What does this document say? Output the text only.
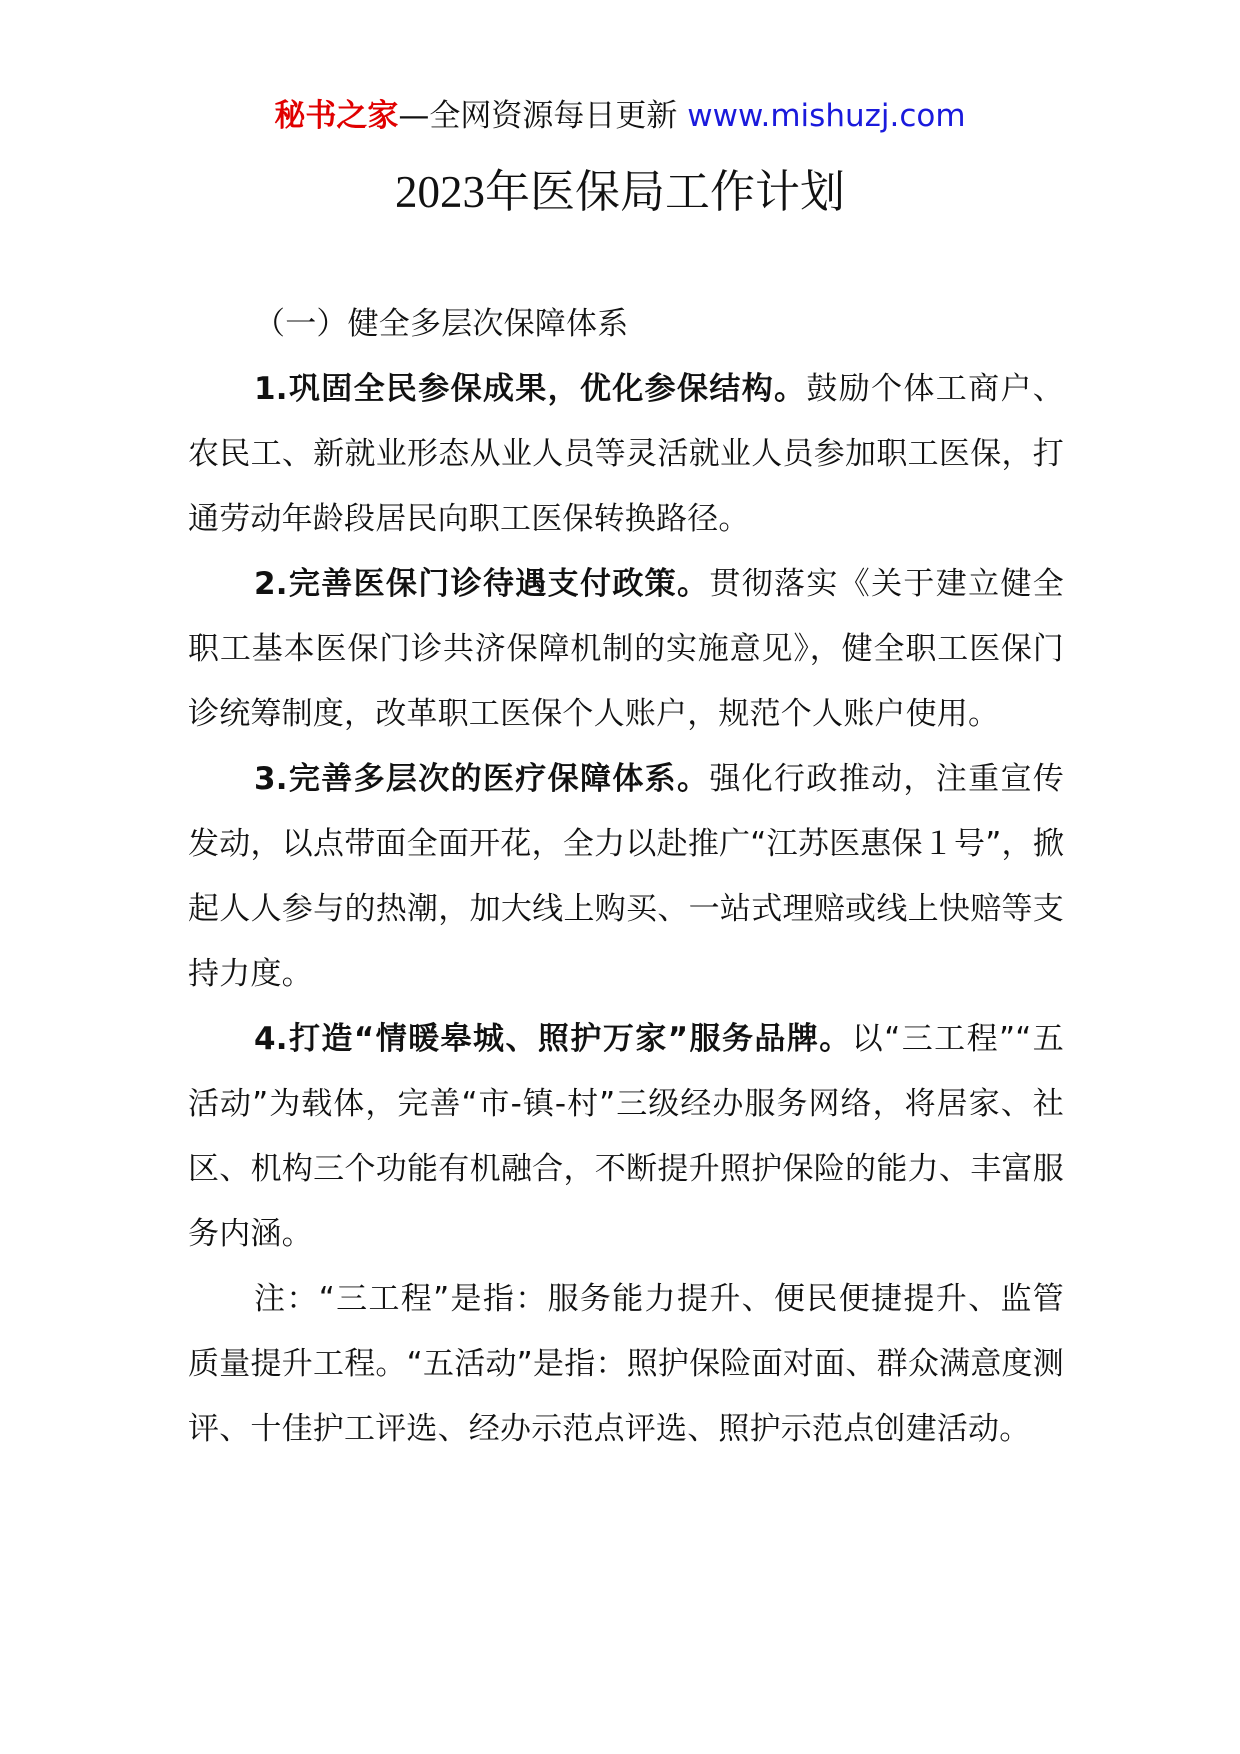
秘书之家—全网资源每日更新 www.mishuzj.com
2023年医保局工作计划

（一）健全多层次保障体系

1.巩固全民参保成果，优化参保结构。鼓励个体工商户、农民工、新就业形态从业人员等灵活就业人员参加职工医保，打通劳动年龄段居民向职工医保转换路径。

2.完善医保门诊待遇支付政策。贯彻落实《关于建立健全职工基本医保门诊共济保障机制的实施意见》，健全职工医保门诊统筹制度，改革职工医保个人账户，规范个人账户使用。

3.完善多层次的医疗保障体系。强化行政推动，注重宣传发动，以点带面全面开花，全力以赴推广“江苏医惠保１号”，掀起人人参与的热潮，加大线上购买、一站式理赔或线上快赔等支持力度。

4.打造“情暖皋城、照护万家”服务品牌。以“三工程”“五活动”为载体，完善“市-镇-村”三级经办服务网络，将居家、社区、机构三个功能有机融合，不断提升照护保险的能力、丰富服务内涵。

注：“三工程”是指：服务能力提升、便民便捷提升、监管质量提升工程。“五活动”是指：照护保险面对面、群众满意度测评、十佳护工评选、经办示范点评选、照护示范点创建活动。
